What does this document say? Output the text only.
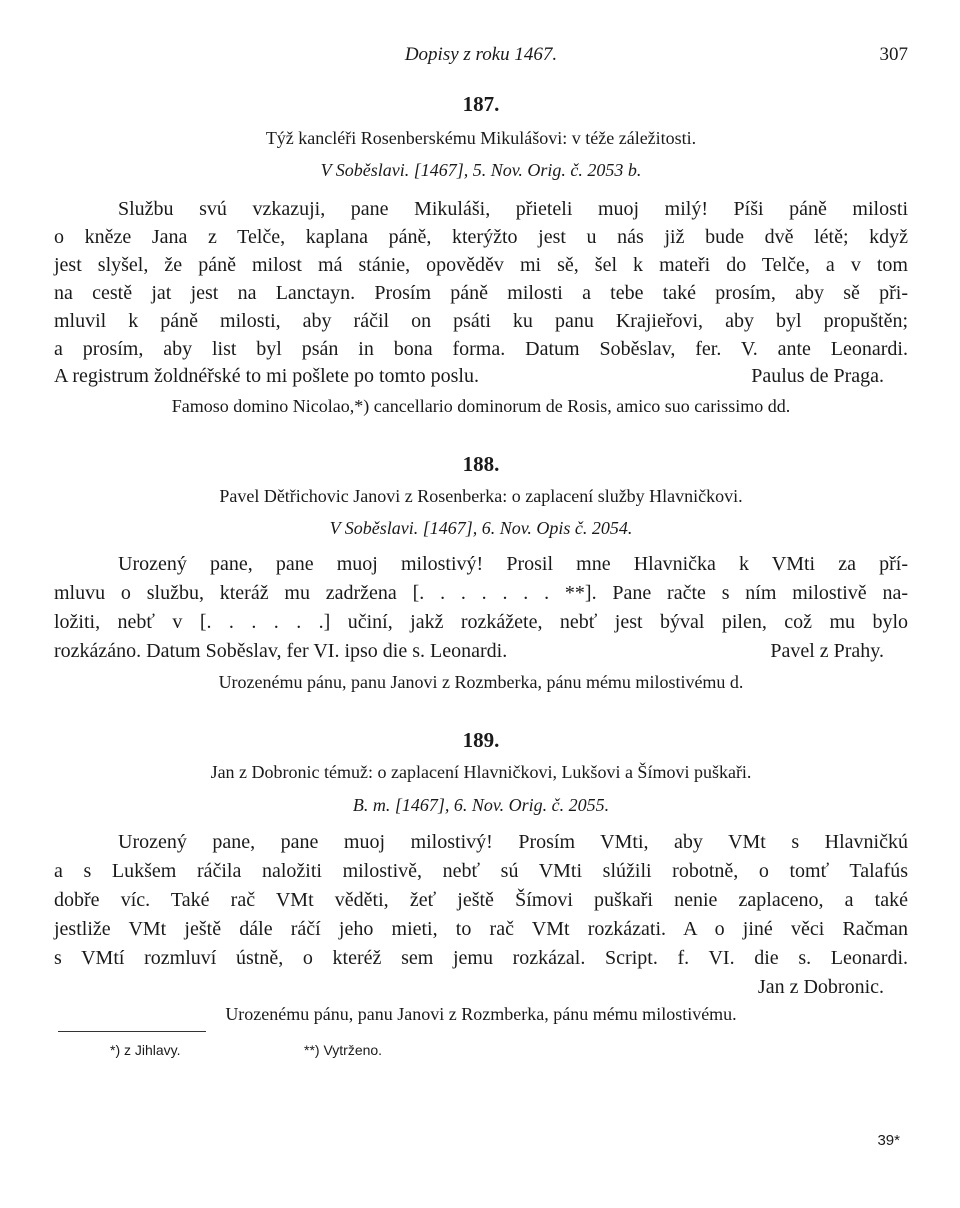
Dopisy z roku 1467.	307
187.
Týž kancléři Rosenberskému Mikulášovi: v téže záležitosti.
V Soběslavi. [1467], 5. Nov. Orig. č. 2053 b.
Službu svú vzkazuji, pane Mikuláši, přieteli muoj milý! Píši páně milosti
o kněze Jana z Telče, kaplana páně, kterýžto jest u nás již bude dvě létě; když
jest slyšel, že páně milost má stánie, opověděv mi sě, šel k mateři do Telče, a v tom
na cestě jat jest na Lanctayn. Prosím páně milosti a tebe také prosím, aby sě při-
mluvil k páně milosti, aby ráčil on psáti ku panu Krajieřovi, aby byl propuštěn;
a prosím, aby list byl psán in bona forma. Datum Soběslav, fer. V. ante Leonardi.
A registrum žoldnéřské to mi pošlete po tomto poslu.	Paulus de Praga.
Famoso domino Nicolao,*) cancellario dominorum de Rosis, amico suo carissimo dd.
188.
Pavel Dětřichovic Janovi z Rosenberka: o zaplacení služby Hlavničkovi.
V Soběslavi. [1467], 6. Nov. Opis č. 2054.
Urozený pane, pane muoj milostivý! Prosil mne Hlavnička k VMti za pří-
mluvu o službu, kteráž mu zadržena [. . . . . . . **]. Pane račte s ním milostivě na-
ložiti, nebť v [. . . . . .] učiní, jakž rozkážete, nebť jest býval pilen, což mu bylo
rozkázáno. Datum Soběslav, fer VI. ipso die s. Leonardi.	Pavel z Prahy.
Urozenému pánu, panu Janovi z Rozmberka, pánu mému milostivému d.
189.
Jan z Dobronic témuž: o zaplacení Hlavničkovi, Lukšovi a Šímovi puškaři.
B. m. [1467], 6. Nov. Orig. č. 2055.
Urozený pane, pane muoj milostivý! Prosím VMti, aby VMt s Hlavničkú
a s Lukšem ráčila naložiti milostivě, nebť sú VMti slúžili robotně, o tomť Talafús
dobře víc. Také rač VMt věděti, žeť ještě Šímovi puškaři nenie zaplaceno, a také
jestliže VMt ještě dále ráčí jeho mieti, to rač VMt rozkázati. A o jiné věci Račman
s VMtí rozmluví ústně, o kteréž sem jemu rozkázal. Script. f. VI. die s. Leonardi.
Jan z Dobronic.
Urozenému pánu, panu Janovi z Rozmberka, pánu mému milostivému.
*) z Jihlavy.	**) Vytrženo.
39*
